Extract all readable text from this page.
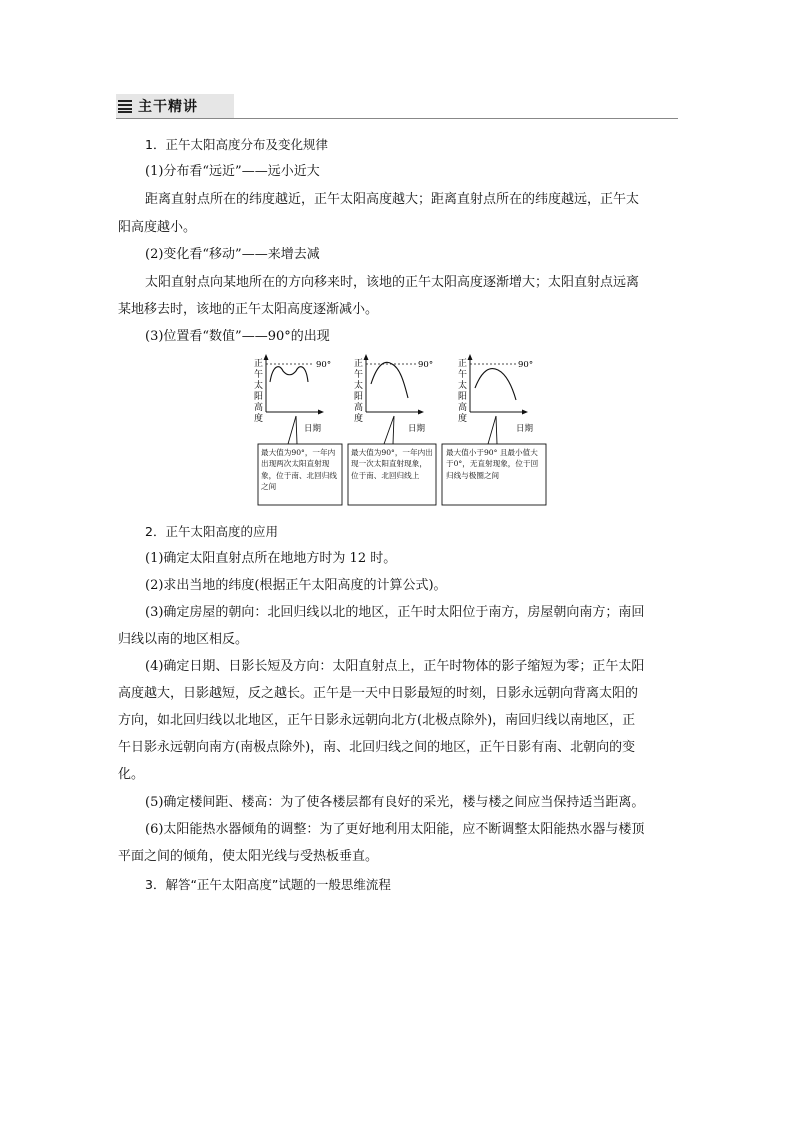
主干精讲
1．正午太阳高度分布及变化规律
(1)分布看“远近”——远小近大
距离直射点所在的纬度越近，正午太阳高度越大；距离直射点所在的纬度越远，正午太
阳高度越小。
(2)变化看“移动”——来增去减
太阳直射点向某地所在的方向移来时，该地的正午太阳高度逐渐增大；太阳直射点远离
某地移去时，该地的正午太阳高度逐渐减小。
(3)位置看“数值”——90°的出现
正
午
太
阳
高
度
90°
日期
正
午
太
阳
高
度
90°
日期
正
午
太
阳
高
度
90°
日期
最大值为90°，一年内出现两次太阳直射现象，位于南、北回归线之间
最大值为90°，一年内出现一次太阳直射现象，位于南、北回归线上
最大值小于90° 且最小值大于0°，无直射现象，位于回归线与极圈之间
2．正午太阳高度的应用
(1)确定太阳直射点所在地地方时为 12 时。
(2)求出当地的纬度(根据正午太阳高度的计算公式)。
(3)确定房屋的朝向：北回归线以北的地区，正午时太阳位于南方，房屋朝向南方；南回
归线以南的地区相反。
(4)确定日期、日影长短及方向：太阳直射点上，正午时物体的影子缩短为零；正午太阳
高度越大，日影越短，反之越长。正午是一天中日影最短的时刻，日影永远朝向背离太阳的
方向，如北回归线以北地区，正午日影永远朝向北方(北极点除外)，南回归线以南地区，正
午日影永远朝向南方(南极点除外)，南、北回归线之间的地区，正午日影有南、北朝向的变
化。
(5)确定楼间距、楼高：为了使各楼层都有良好的采光，楼与楼之间应当保持适当距离。
(6)太阳能热水器倾角的调整：为了更好地利用太阳能，应不断调整太阳能热水器与楼顶
平面之间的倾角，使太阳光线与受热板垂直。
3．解答“正午太阳高度”试题的一般思维流程
